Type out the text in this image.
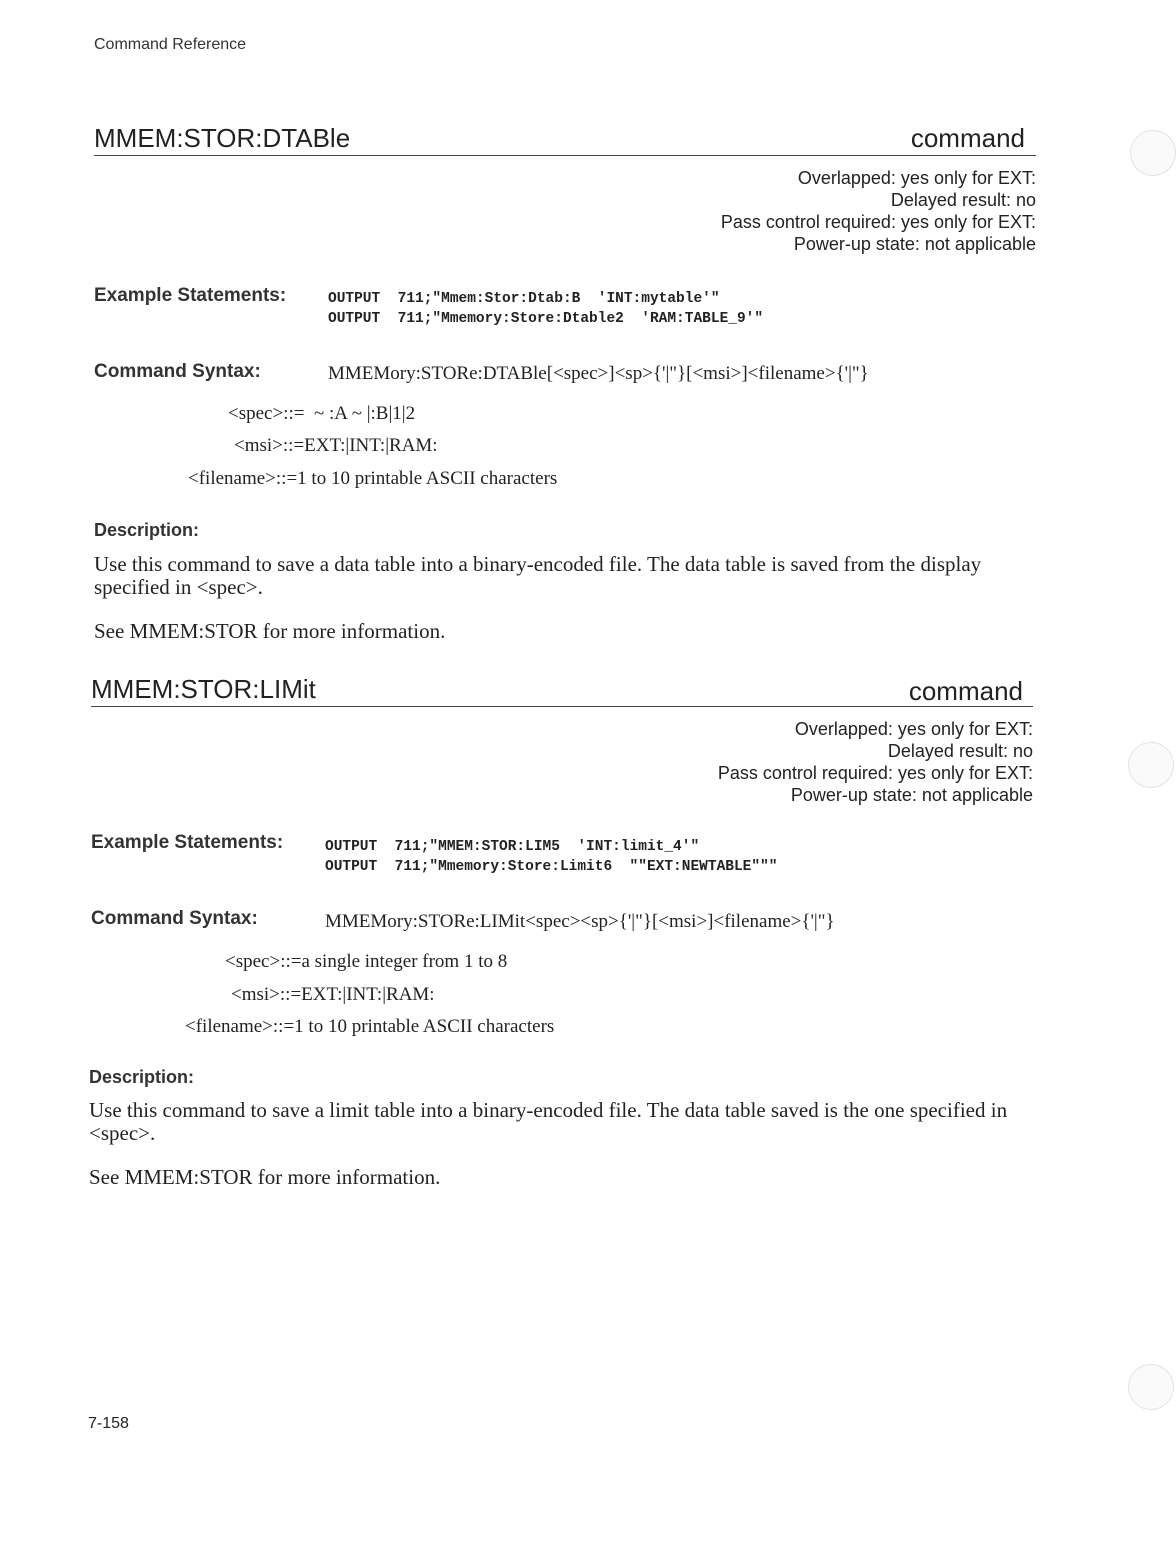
Command Reference
MMEM:STOR:DTABle	command
Overlapped: yes only for EXT:
Delayed result: no
Pass control required: yes only for EXT:
Power-up state: not applicable
Example Statements:	OUTPUT  711;"Mmem:Stor:Dtab:B  'INT:mytable'"
OUTPUT  711;"Mmemory:Store:Dtable2  'RAM:TABLE_9'"
Command Syntax:	MMEMory:STORe:DTABle[<spec>]<sp>{'|"}[<msi>]<filename>{'|"}
<spec>::=  ~ :A ~ |:B|1|2
<msi>::=EXT:|INT:|RAM:
<filename>::=1 to 10 printable ASCII characters
Description:
Use this command to save a data table into a binary-encoded file. The data table is saved from the display specified in <spec>.
See MMEM:STOR for more information.
MMEM:STOR:LIMit	command
Overlapped: yes only for EXT:
Delayed result: no
Pass control required: yes only for EXT:
Power-up state: not applicable
Example Statements:	OUTPUT  711;"MMEM:STOR:LIM5  'INT:limit_4'"
OUTPUT  711;"Mmemory:Store:Limit6  ""EXT:NEWTABLE"""
Command Syntax:	MMEMory:STORe:LIMit<spec><sp>{'|"}[<msi>]<filename>{'|"}
<spec>::=a single integer from 1 to 8
<msi>::=EXT:|INT:|RAM:
<filename>::=1 to 10 printable ASCII characters
Description:
Use this command to save a limit table into a binary-encoded file. The data table saved is the one specified in <spec>.
See MMEM:STOR for more information.
7-158
